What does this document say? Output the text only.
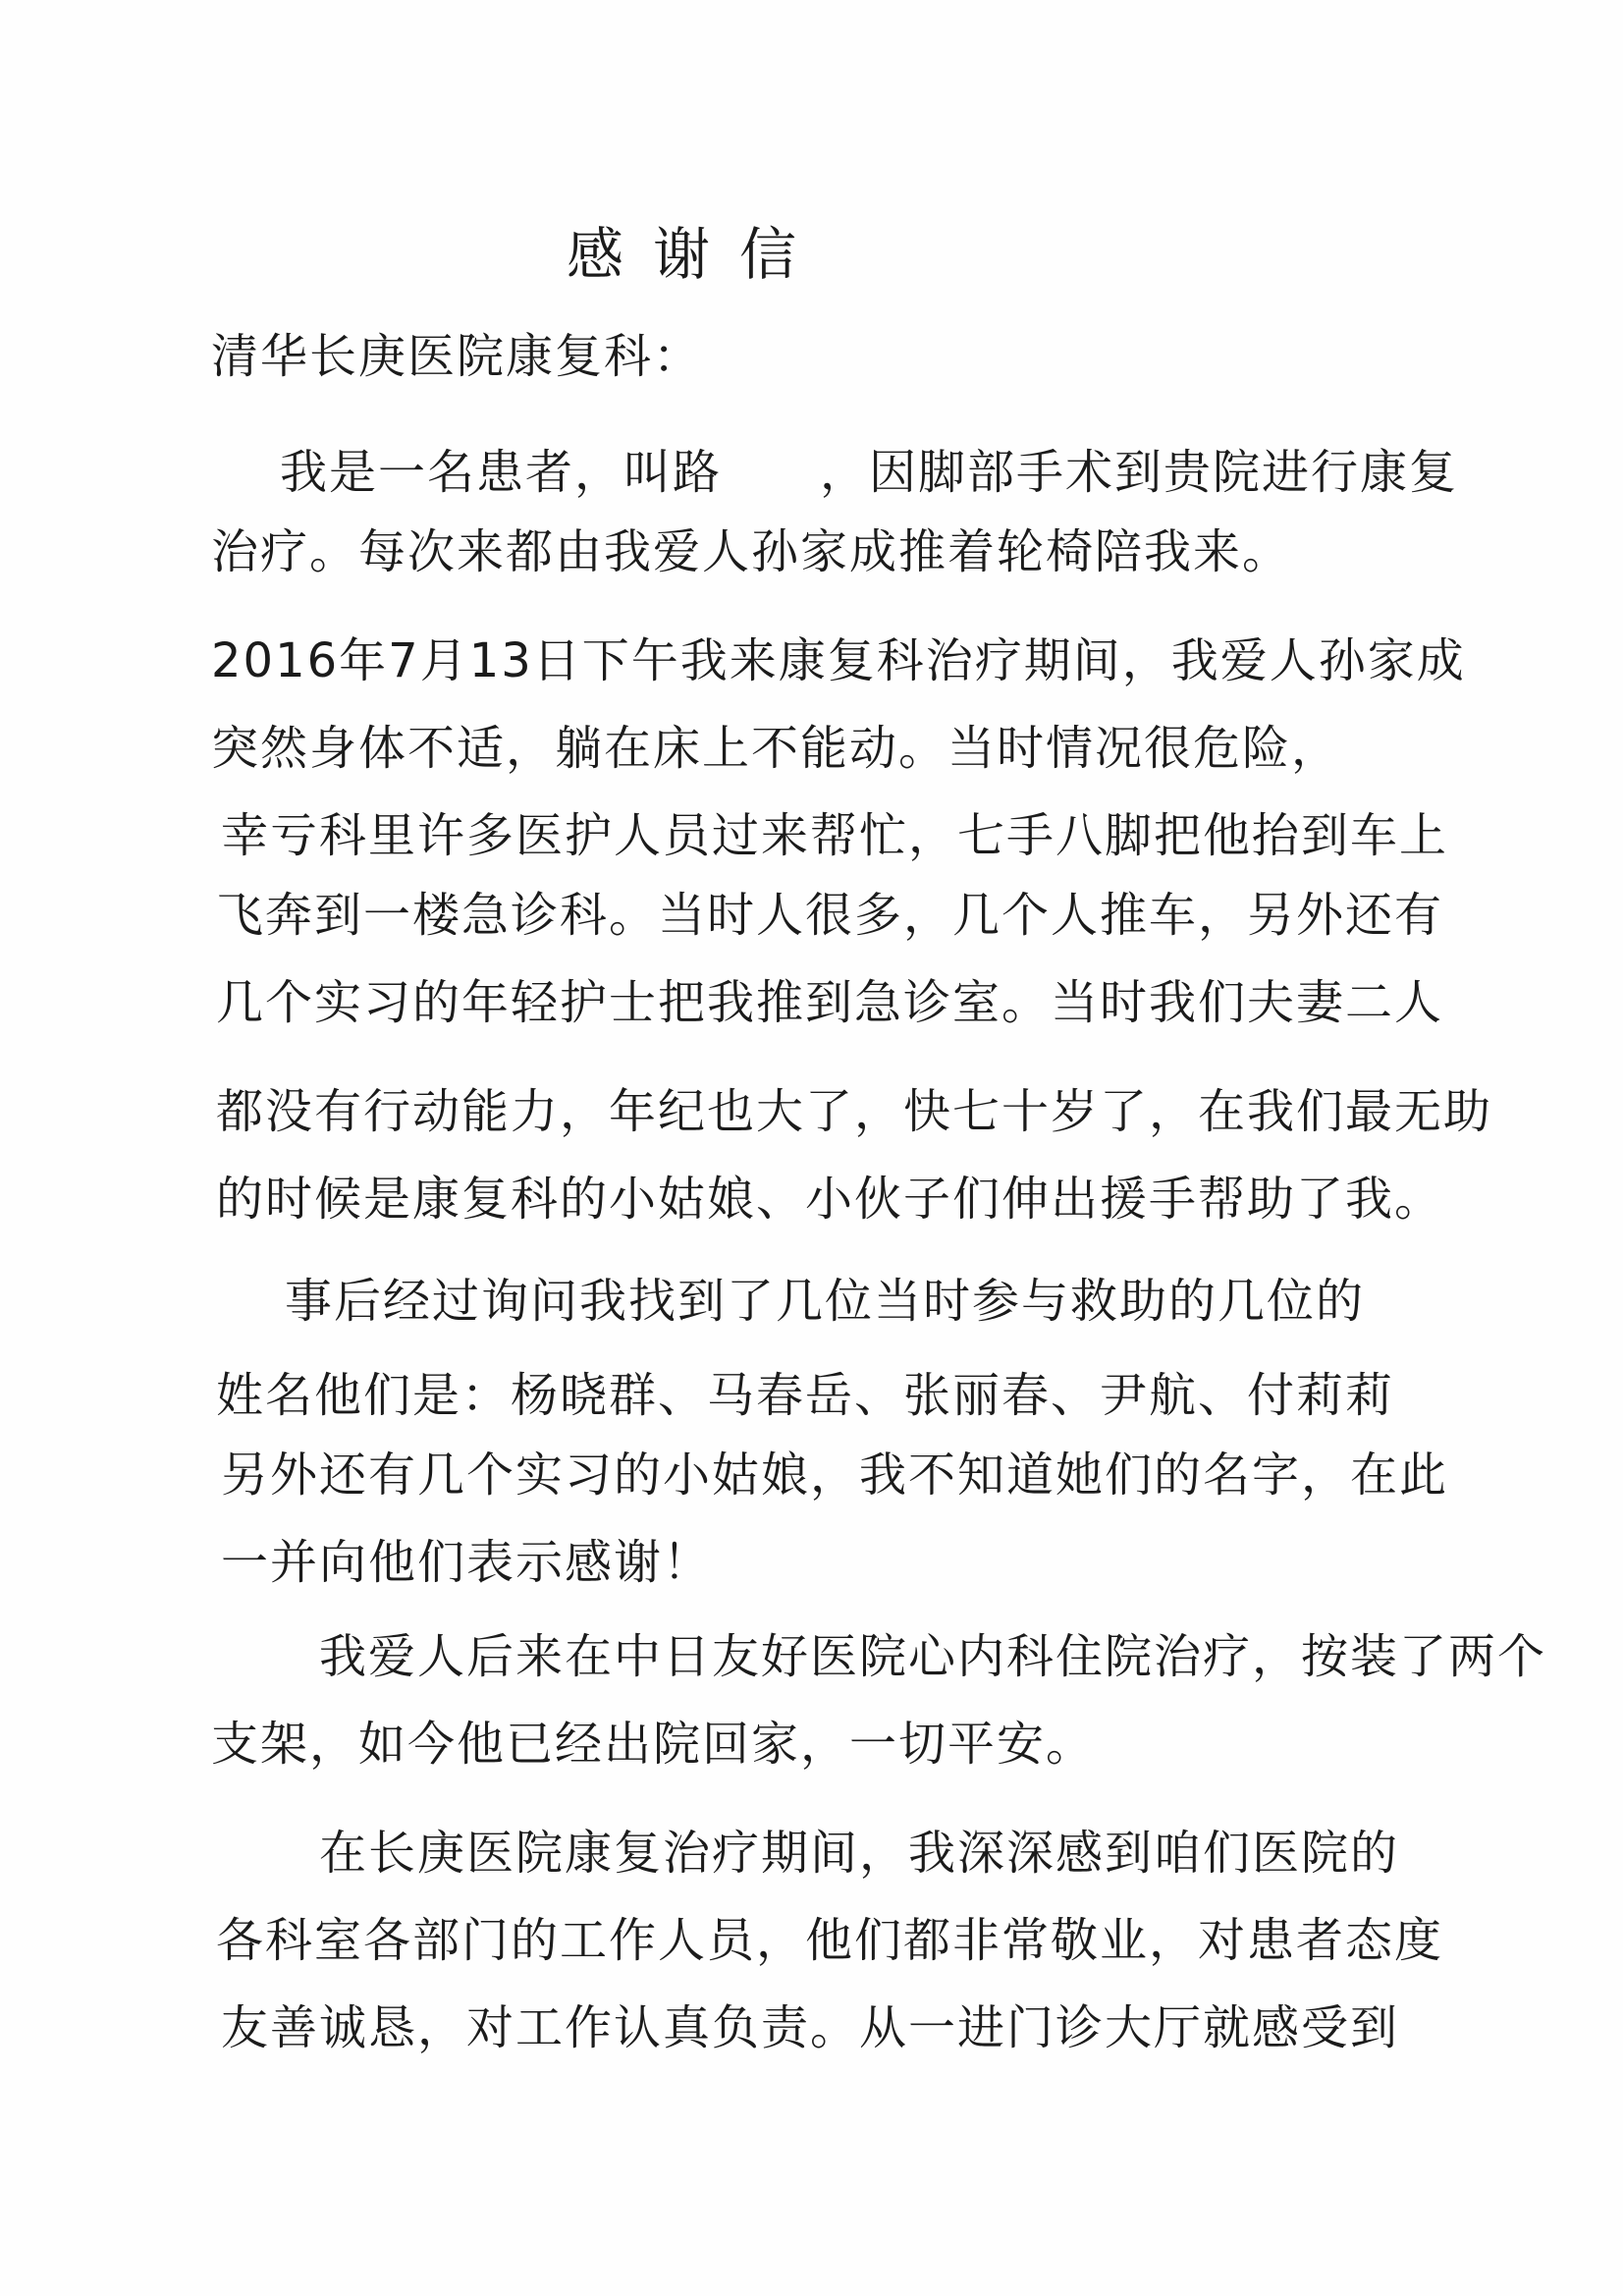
感谢信
清华长庚医院康复科：
我是一名患者，叫路　　，因脚部手术到贵院进行康复
治疗。每次来都由我爱人孙家成推着轮椅陪我来。
2016年7月13日下午我来康复科治疗期间，我爱人孙家成
突然身体不适，躺在床上不能动。当时情况很危险，
幸亏科里许多医护人员过来帮忙，七手八脚把他抬到车上
飞奔到一楼急诊科。当时人很多，几个人推车，另外还有
几个实习的年轻护士把我推到急诊室。当时我们夫妻二人
都没有行动能力，年纪也大了，快七十岁了，在我们最无助
的时候是康复科的小姑娘、小伙子们伸出援手帮助了我。
事后经过询问我找到了几位当时参与救助的几位的
姓名他们是：杨晓群、马春岳、张丽春、尹航、付莉莉
另外还有几个实习的小姑娘，我不知道她们的名字，在此
一并向他们表示感谢！
我爱人后来在中日友好医院心内科住院治疗，按装了两个
支架，如今他已经出院回家，一切平安。
在长庚医院康复治疗期间，我深深感到咱们医院的
各科室各部门的工作人员，他们都非常敬业，对患者态度
友善诚恳，对工作认真负责。从一进门诊大厅就感受到
